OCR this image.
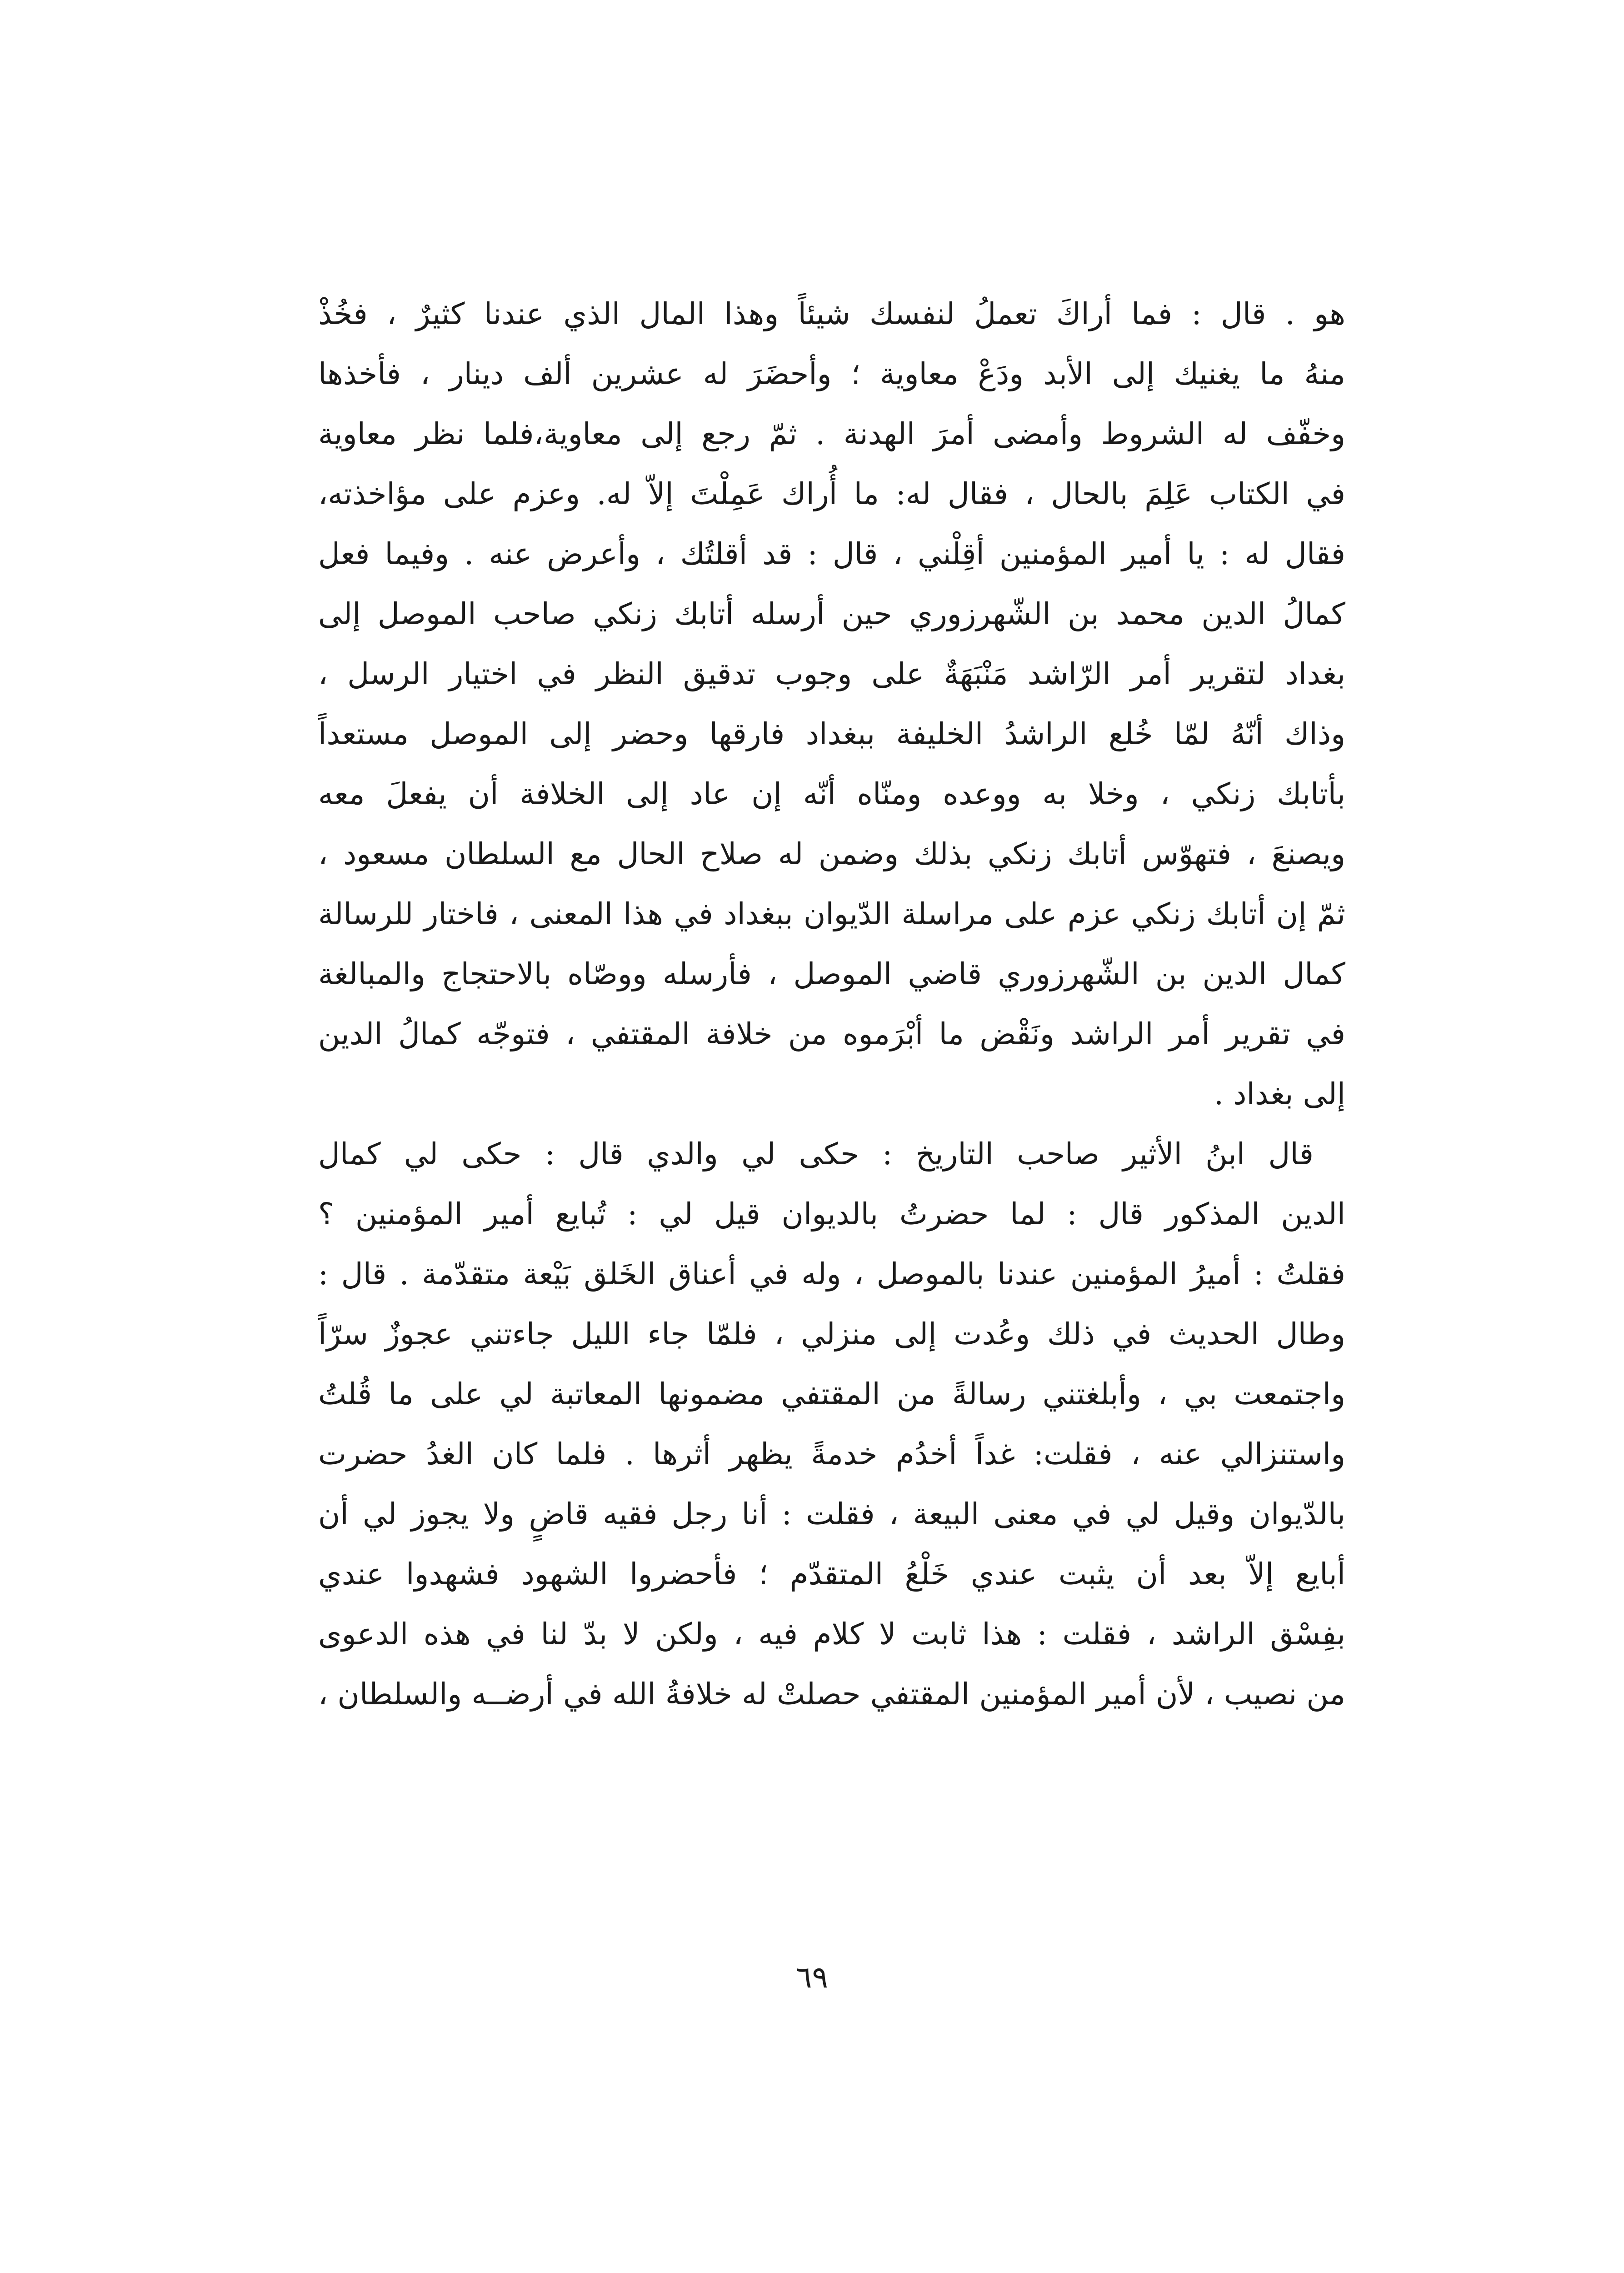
هو . قال : فما أراكَ تعملُ لنفسك شيئاً وهذا المال الذي عندنا كثيرٌ ، فخُذْ
منهُ ما يغنيك إلى الأبد ودَعْ معاوية ؛ وأحضَرَ له عشرين ألف دينار ، فأخذها
وخفّف له الشروط وأمضى أمرَ الهدنة . ثمّ رجع إلى معاوية،فلما نظر معاوية
في الكتاب عَلِمَ بالحال ، فقال له: ما أُراك عَمِلْتَ إلاّ له. وعزم على مؤاخذته،
فقال له : يا أمير المؤمنين أقِلْني ، قال : قد أقلتُك ، وأعرض عنه . وفيما فعل
كمالُ الدين محمد بن الشّهرزوري حين أرسله أتابك زنكي صاحب الموصل إلى
بغداد لتقرير أمر الرّاشد مَنْبَهَةٌ على وجوب تدقيق النظر في اختيار الرسل ،
وذاك أنّهُ لمّا خُلع الراشدُ الخليفة ببغداد فارقها وحضر إلى الموصل مستعداً
بأتابك زنكي ، وخلا به ووعده ومنّاه أنّه إن عاد إلى الخلافة أن يفعلَ معه
ويصنعَ ، فتهوّس أتابك زنكي بذلك وضمن له صلاح الحال مع السلطان مسعود ،
ثمّ إن أتابك زنكي عزم على مراسلة الدّيوان ببغداد في هذا المعنى ، فاختار للرسالة
كمال الدين بن الشّهرزوري قاضي الموصل ، فأرسله ووصّاه بالاحتجاج والمبالغة
في تقرير أمر الراشد ونَقْض ما أبْرَموه من خلافة المقتفي ، فتوجّه كمالُ الدين
إلى بغداد .
قال ابنُ الأثير صاحب التاريخ : حكى لي والدي قال : حكى لي كمال
الدين المذكور قال : لما حضرتُ بالديوان قيل لي : تُبايع أمير المؤمنين ؟
فقلتُ : أميرُ المؤمنين عندنا بالموصل ، وله في أعناق الخَلق بَيْعة متقدّمة . قال :
وطال الحديث في ذلك وعُدت إلى منزلي ، فلمّا جاء الليل جاءتني عجوزٌ سرّاً
واجتمعت بي ، وأبلغتني رسالةً من المقتفي مضمونها المعاتبة لي على ما قُلتُ
واستنزالي عنه ، فقلت: غداً أخدُم خدمةً يظهر أثرها . فلما كان الغدُ حضرت
بالدّيوان وقيل لي في معنى البيعة ، فقلت : أنا رجل فقيه قاضٍ ولا يجوز لي أن
أبايع إلاّ بعد أن يثبت عندي خَلْعُ المتقدّم ؛ فأحضروا الشهود فشهدوا عندي
بفِسْق الراشد ، فقلت : هذا ثابت لا كلام فيه ، ولكن لا بدّ لنا في هذه الدعوى
من نصيب ، لأن أمير المؤمنين المقتفي حصلتْ له خلافةُ الله في أرضــه والسلطان ،
٦٩
